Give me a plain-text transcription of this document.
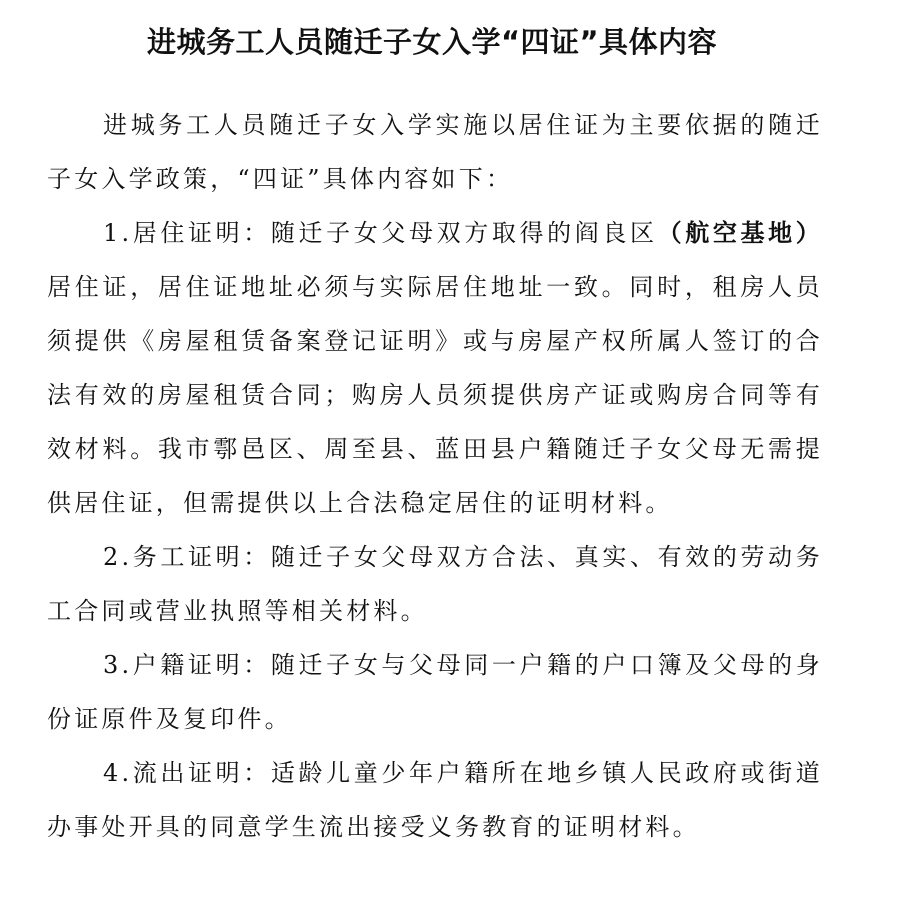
进城务工人员随迁子女入学“四证”具体内容

进城务工人员随迁子女入学实施以居住证为主要依据的随迁子女入学政策，“四证”具体内容如下：

1.居住证明：随迁子女父母双方取得的阎良区（航空基地）居住证，居住证地址必须与实际居住地址一致。同时，租房人员须提供《房屋租赁备案登记证明》或与房屋产权所属人签订的合法有效的房屋租赁合同；购房人员须提供房产证或购房合同等有效材料。我市鄠邑区、周至县、蓝田县户籍随迁子女父母无需提供居住证，但需提供以上合法稳定居住的证明材料。

2.务工证明：随迁子女父母双方合法、真实、有效的劳动务工合同或营业执照等相关材料。

3.户籍证明：随迁子女与父母同一户籍的户口簿及父母的身份证原件及复印件。

4.流出证明：适龄儿童少年户籍所在地乡镇人民政府或街道办事处开具的同意学生流出接受义务教育的证明材料。
